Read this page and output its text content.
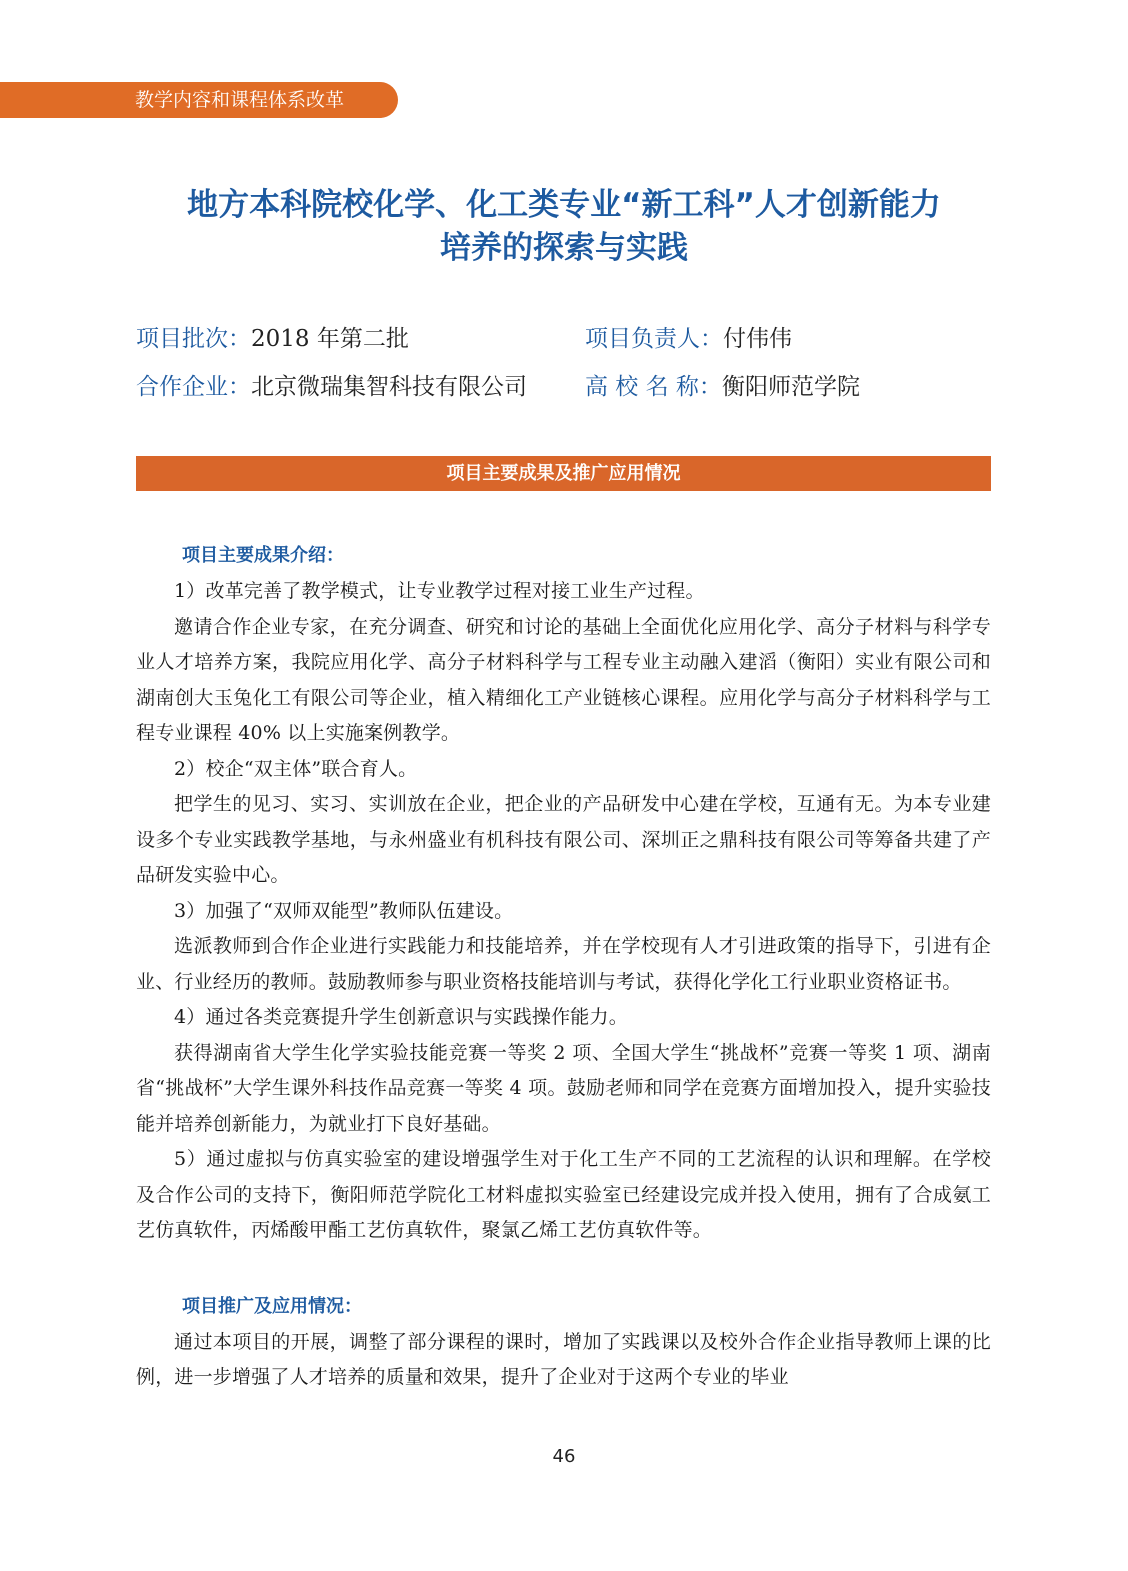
教学内容和课程体系改革
地方本科院校化学、化工类专业“新工科”人才创新能力
培养的探索与实践
项目批次：2018 年第二批	项目负责人：付伟伟
合作企业：北京微瑞集智科技有限公司	高 校 名 称：衡阳师范学院
项目主要成果及推广应用情况
项目主要成果介绍：

1）改革完善了教学模式，让专业教学过程对接工业生产过程。

邀请合作企业专家，在充分调查、研究和讨论的基础上全面优化应用化学、高分子材料与科学专业人才培养方案，我院应用化学、高分子材料科学与工程专业主动融入建滔（衡阳）实业有限公司和湖南创大玉兔化工有限公司等企业，植入精细化工产业链核心课程。应用化学与高分子材料科学与工程专业课程 40% 以上实施案例教学。

2）校企“双主体”联合育人。

把学生的见习、实习、实训放在企业，把企业的产品研发中心建在学校，互通有无。为本专业建设多个专业实践教学基地，与永州盛业有机科技有限公司、深圳正之鼎科技有限公司等筹备共建了产品研发实验中心。

3）加强了“双师双能型”教师队伍建设。

选派教师到合作企业进行实践能力和技能培养，并在学校现有人才引进政策的指导下，引进有企业、行业经历的教师。鼓励教师参与职业资格技能培训与考试，获得化学化工行业职业资格证书。

4）通过各类竞赛提升学生创新意识与实践操作能力。

获得湖南省大学生化学实验技能竞赛一等奖 2 项、全国大学生“挑战杯”竞赛一等奖 1 项、湖南省“挑战杯”大学生课外科技作品竞赛一等奖 4 项。鼓励老师和同学在竞赛方面增加投入，提升实验技能并培养创新能力，为就业打下良好基础。

5）通过虚拟与仿真实验室的建设增强学生对于化工生产不同的工艺流程的认识和理解。在学校及合作公司的支持下，衡阳师范学院化工材料虚拟实验室已经建设完成并投入使用，拥有了合成氨工艺仿真软件，丙烯酸甲酯工艺仿真软件，聚氯乙烯工艺仿真软件等。

项目推广及应用情况：

通过本项目的开展，调整了部分课程的课时，增加了实践课以及校外合作企业指导教师上课的比例，进一步增强了人才培养的质量和效果，提升了企业对于这两个专业的毕业

46
